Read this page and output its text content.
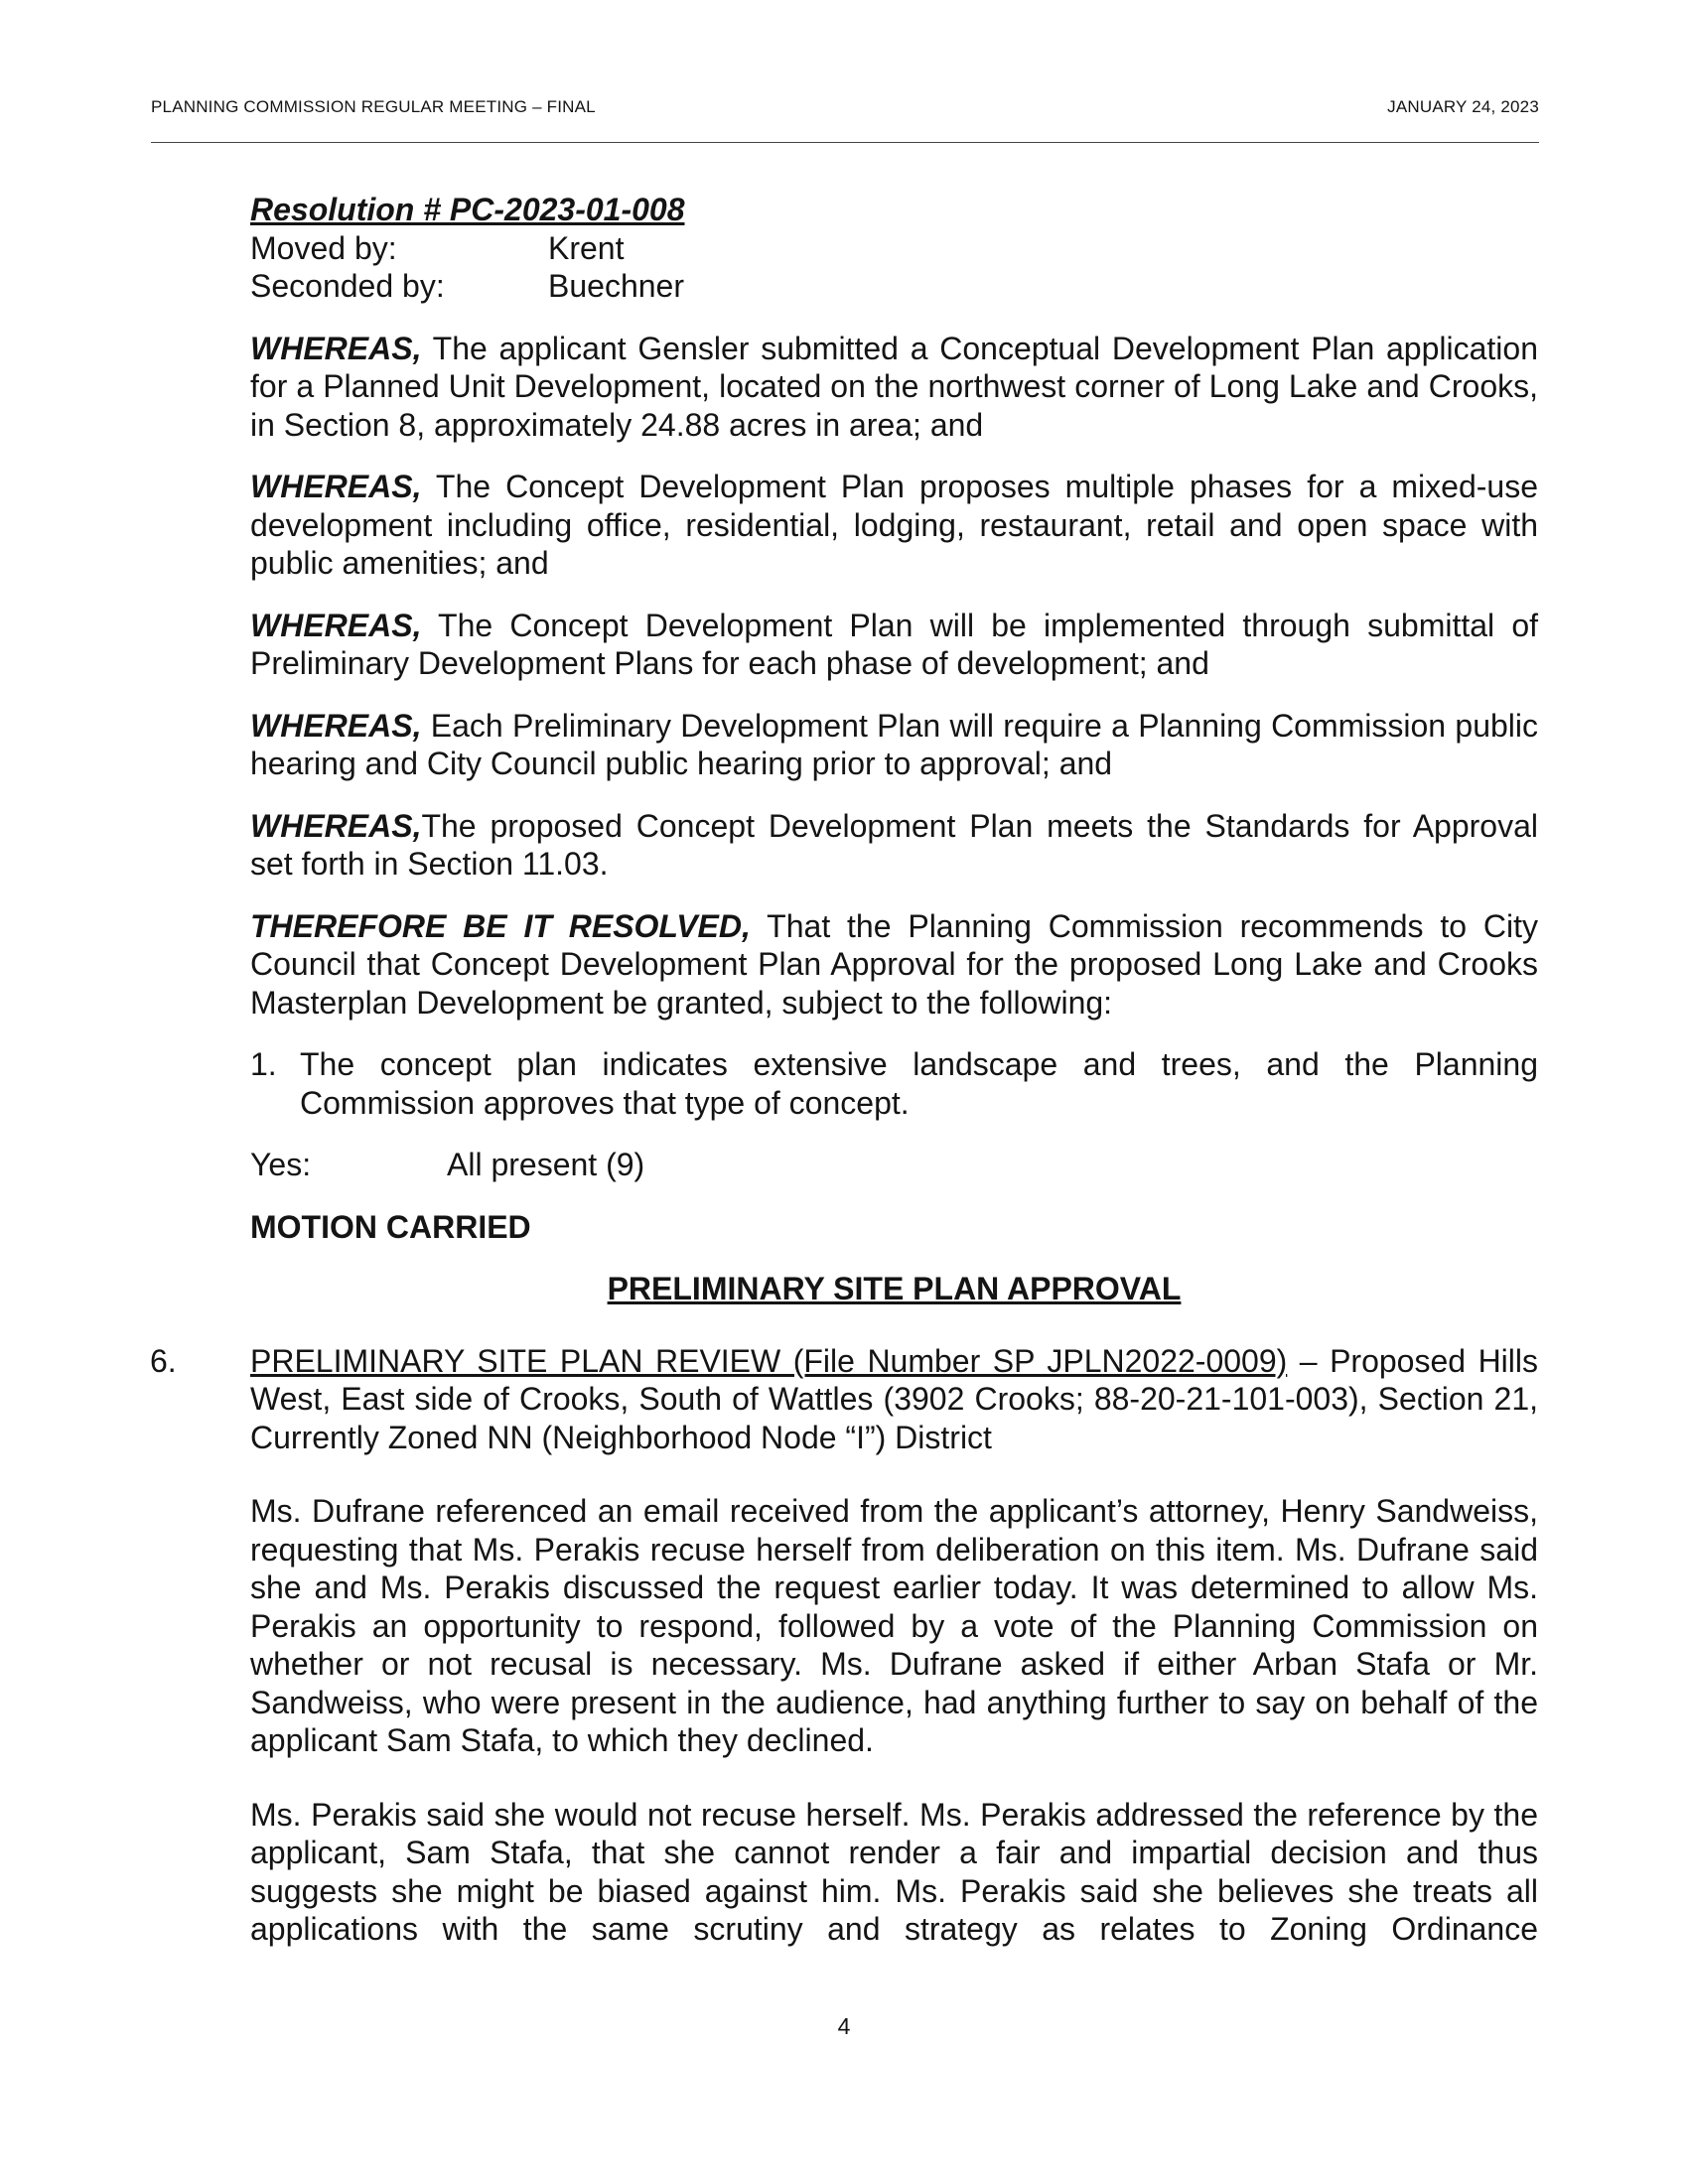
PLANNING COMMISSION REGULAR MEETING – FINAL	JANUARY 24, 2023

Resolution # PC-2023-01-008

Moved by:	Krent
Seconded by:	Buechner

WHEREAS, The applicant Gensler submitted a Conceptual Development Plan application for a Planned Unit Development, located on the northwest corner of Long Lake and Crooks, in Section 8, approximately 24.88 acres in area; and

WHEREAS, The Concept Development Plan proposes multiple phases for a mixed-use development including office, residential, lodging, restaurant, retail and open space with public amenities; and

WHEREAS, The Concept Development Plan will be implemented through submittal of Preliminary Development Plans for each phase of development; and

WHEREAS, Each Preliminary Development Plan will require a Planning Commission public hearing and City Council public hearing prior to approval; and

WHEREAS,The proposed Concept Development Plan meets the Standards for Approval set forth in Section 11.03.

THEREFORE BE IT RESOLVED, That the Planning Commission recommends to City Council that Concept Development Plan Approval for the proposed Long Lake and Crooks Masterplan Development be granted, subject to the following:

1. The concept plan indicates extensive landscape and trees, and the Planning Commission approves that type of concept.
Yes:	All present (9)

MOTION CARRIED

PRELIMINARY SITE PLAN APPROVAL

6. PRELIMINARY SITE PLAN REVIEW (File Number SP JPLN2022-0009) – Proposed Hills West, East side of Crooks, South of Wattles (3902 Crooks; 88-20-21-101-003), Section 21, Currently Zoned NN (Neighborhood Node “I”) District

Ms. Dufrane referenced an email received from the applicant’s attorney, Henry Sandweiss, requesting that Ms. Perakis recuse herself from deliberation on this item. Ms. Dufrane said she and Ms. Perakis discussed the request earlier today. It was determined to allow Ms. Perakis an opportunity to respond, followed by a vote of the Planning Commission on whether or not recusal is necessary. Ms. Dufrane asked if either Arban Stafa or Mr. Sandweiss, who were present in the audience, had anything further to say on behalf of the applicant Sam Stafa, to which they declined.

Ms. Perakis said she would not recuse herself. Ms. Perakis addressed the reference by the applicant, Sam Stafa, that she cannot render a fair and impartial decision and thus suggests she might be biased against him. Ms. Perakis said she believes she treats all applications with the same scrutiny and strategy as relates to Zoning Ordinance

4
